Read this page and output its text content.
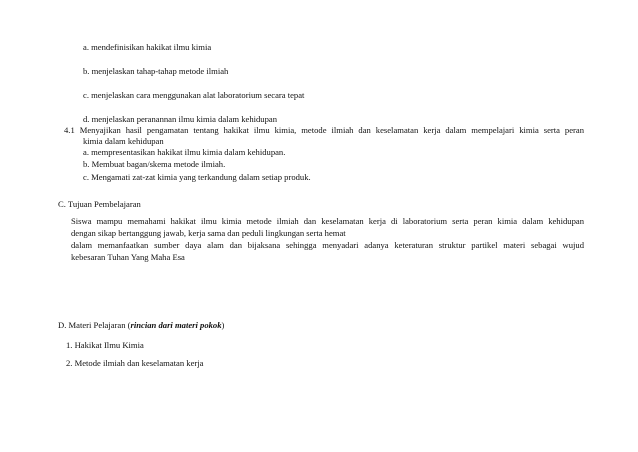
a. mendefinisikan hakikat ilmu kimia
b. menjelaskan tahap-tahap metode ilmiah
c. menjelaskan cara menggunakan alat laboratorium secara tepat
d. menjelaskan peranannan ilmu kimia dalam kehidupan
4.1 Menyajikan hasil pengamatan tentang hakikat ilmu kimia, metode ilmiah dan keselamatan kerja dalam mempelajari kimia serta peran
kimia dalam kehidupan
a. mempresentasikan hakikat ilmu kimia dalam kehidupan.
b. Membuat bagan/skema metode ilmiah.
c. Mengamati zat-zat kimia yang terkandung dalam setiap produk.
C. Tujuan Pembelajaran
Siswa mampu memahami hakikat ilmu kimia metode ilmiah dan keselamatan kerja di laboratorium serta peran kimia dalam kehidupan
dengan sikap bertanggung jawab, kerja sama dan peduli lingkungan serta hemat
dalam memanfaatkan sumber daya alam dan bijaksana sehingga menyadari adanya keteraturan struktur partikel materi sebagai wujud
kebesaran Tuhan Yang Maha Esa
D. Materi Pelajaran (rincian dari materi pokok)
1. Hakikat Ilmu Kimia
2. Metode ilmiah dan keselamatan kerja
